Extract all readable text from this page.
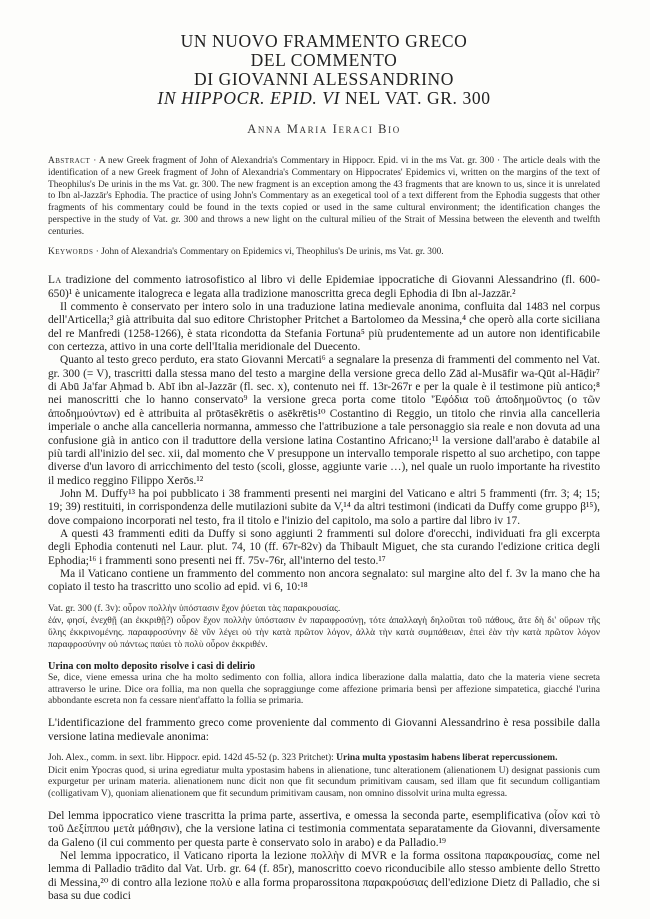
UN NUOVO FRAMMENTO GRECO
DEL COMMENTO
DI GIOVANNI ALESSANDRINO
IN HIPPOCR. EPID. VI NEL VAT. GR. 300
Anna Maria Ieraci Bio
Abstract · A new Greek fragment of John of Alexandria's Commentary in Hippocr. Epid. vi in the ms Vat. gr. 300 · The article deals with the identification of a new Greek fragment of John of Alexandria's Commentary on Hippocrates' Epidemics vi, written on the margins of the text of Theophilus's De urinis in the ms Vat. gr. 300. The new fragment is an exception among the 43 fragments that are known to us, since it is unrelated to Ibn al-Jazzār's Ephodia. The practice of using John's Commentary as an exegetical tool of a text different from the Ephodia suggests that other fragments of his commentary could be found in the texts copied or used in the same cultural environment; the identification changes the perspective in the study of Vat. gr. 300 and throws a new light on the cultural milieu of the Strait of Messina between the eleventh and twelfth centuries.
Keywords · John of Alexandria's Commentary on Epidemics vi, Theophilus's De urinis, ms Vat. gr. 300.

La tradizione del commento iatrosofistico al libro vi delle Epidemiae ippocratiche di Giovanni Alessandrino (fl. 600-650)¹ è unicamente italogreca e legata alla tradizione manoscritta greca degli Ephodia di Ibn al-Jazzār.²

Il commento è conservato per intero solo in una traduzione latina medievale anonima, confluita dal 1483 nel corpus dell'Articella;³ già attribuita dal suo editore Christopher Pritchet a Bartolomeo da Messina,⁴ che operò alla corte siciliana del re Manfredi (1258-1266), è stata ricondotta da Stefania Fortuna⁵ più prudentemente ad un autore non identificabile con certezza, attivo in una corte dell'Italia meridionale del Duecento.

Quanto al testo greco perduto, era stato Giovanni Mercati⁶ a segnalare la presenza di frammenti del commento nel Vat. gr. 300 (= V), trascritti dalla stessa mano del testo a margine della versione greca dello Zād al-Musāfir wa-Qūt al-Hāḍir⁷ di Abū Ja'far Aḥmad b. Abī ibn al-Jazzār (fl. sec. x), contenuto nei ff. 13r-267r e per la quale è il testimone più antico;⁸ nei manoscritti che lo hanno conservato⁹ la versione greca porta come titolo 'Ἐφόδια τοῦ ἀποδημοῦντος (o τῶν ἀποδημούντων) ed è attribuita al prōtasēkrētis o asēkrētis¹⁰ Costantino di Reggio, un titolo che rinvia alla cancelleria imperiale o anche alla cancelleria normanna, ammesso che l'attribuzione a tale personaggio sia reale e non dovuta ad una confusione già in antico con il traduttore della versione latina Costantino Africano;¹¹ la versione dall'arabo è databile al più tardi all'inizio del sec. xii, dal momento che V presuppone un intervallo temporale rispetto al suo archetipo, con tappe diverse d'un lavoro di arricchimento del testo (scoli, glosse, aggiunte varie …), nel quale un ruolo importante ha rivestito il medico reggino Filippo Xerōs.¹²

John M. Duffy¹³ ha poi pubblicato i 38 frammenti presenti nei margini del Vaticano e altri 5 frammenti (frr. 3; 4; 15; 19; 39) restituiti, in corrispondenza delle mutilazioni subite da V,¹⁴ da altri testimoni (indicati da Duffy come gruppo β¹⁵), dove compaiono incorporati nel testo, fra il titolo e l'inizio del capitolo, ma solo a partire dal libro iv 17.

A questi 43 frammenti editi da Duffy si sono aggiunti 2 frammenti sul dolore d'orecchi, individuati fra gli excerpta degli Ephodia contenuti nel Laur. plut. 74, 10 (ff. 67r-82v) da Thibault Miguet, che sta curando l'edizione critica degli Ephodia;¹⁶ i frammenti sono presenti nei ff. 75v-76r, all'interno del testo.¹⁷

Ma il Vaticano contiene un frammento del commento non ancora segnalato: sul margine alto del f. 3v la mano che ha copiato il testo ha trascritto uno scolio ad epid. vi 6, 10:¹⁸

Vat. gr. 300 (f. 3v): οὖρον πολλὴν ὑπόστασιν ἔχον ῥύεται τὰς παρακρουσίας.

ἐάν, φησί, ἐνεχθῇ (an ἐκκριθῇ?) οὖρον ἔχον πολλὴν ὑπόστασιν ἐν παραφροσύνῃ, τότε ἀπαλλαγὴ δηλοῦται τοῦ πάθους, ἅτε δὴ δι' οὔρων τῆς ὕλης ἐκκρινομένης. παραφροσύνην δὲ νῦν λέγει οὐ τὴν κατὰ πρῶτον λόγον, ἀλλὰ τὴν κατὰ συμπάθειαν, ἐπεὶ ἐὰν τὴν κατὰ πρῶτον λόγον παραφροσύνην οὐ πάντως παύει τὸ πολὺ οὖρον ἐκκριθέν.

Urina con molto deposito risolve i casi di delirio
Se, dice, viene emessa urina che ha molto sedimento con follia, allora indica liberazione dalla malattia, dato che la materia viene secreta attraverso le urine. Dice ora follia, ma non quella che sopraggiunge come affezione primaria bensì per affezione simpatetica, giacché l'urina abbondante escreta non fa cessare nient'affatto la follia se primaria.

L'identificazione del frammento greco come proveniente dal commento di Giovanni Alessandrino è resa possibile dalla versione latina medievale anonima:

Joh. Alex., comm. in sext. libr. Hippocr. epid. 142d 45-52 (p. 323 Pritchet): Urina multa ypostasim habens liberat repercussionem.

Dicit enim Ypocras quod, si urina egrediatur multa ypostasim habens in alienatione, tunc alterationem (alienationem U) designat passionis cum expurgetur per urinam materia. alienationem nunc dicit non que fit secundum primitivam causam, sed illam que fit secundum colligantiam (colligativam V), quoniam alienationem que fit secundum primitivam causam, non omnino dissolvit urina multa egressa.

Del lemma ippocratico viene trascritta la prima parte, assertiva, e omessa la seconda parte, esemplificativa (οἷον καὶ τὸ τοῦ Δεξίππου μετὰ μάθησιν), che la versione latina ci testimonia commentata separatamente da Giovanni, diversamente da Galeno (il cui commento per questa parte è conservato solo in arabo) e da Palladio.¹⁹

Nel lemma ippocratico, il Vaticano riporta la lezione πολλὴν di MVR e la forma ossitona παρακρουσίας, come nel lemma di Palladio trādito dal Vat. Urb. gr. 64 (f. 85r), manoscritto coevo riconducibile allo stesso ambiente dello Stretto di Messina,²⁰ di contro alla lezione πολὺ e alla forma proparossitona παρακρούσιας dell'edizione Dietz di Palladio, che si basa su due codici
